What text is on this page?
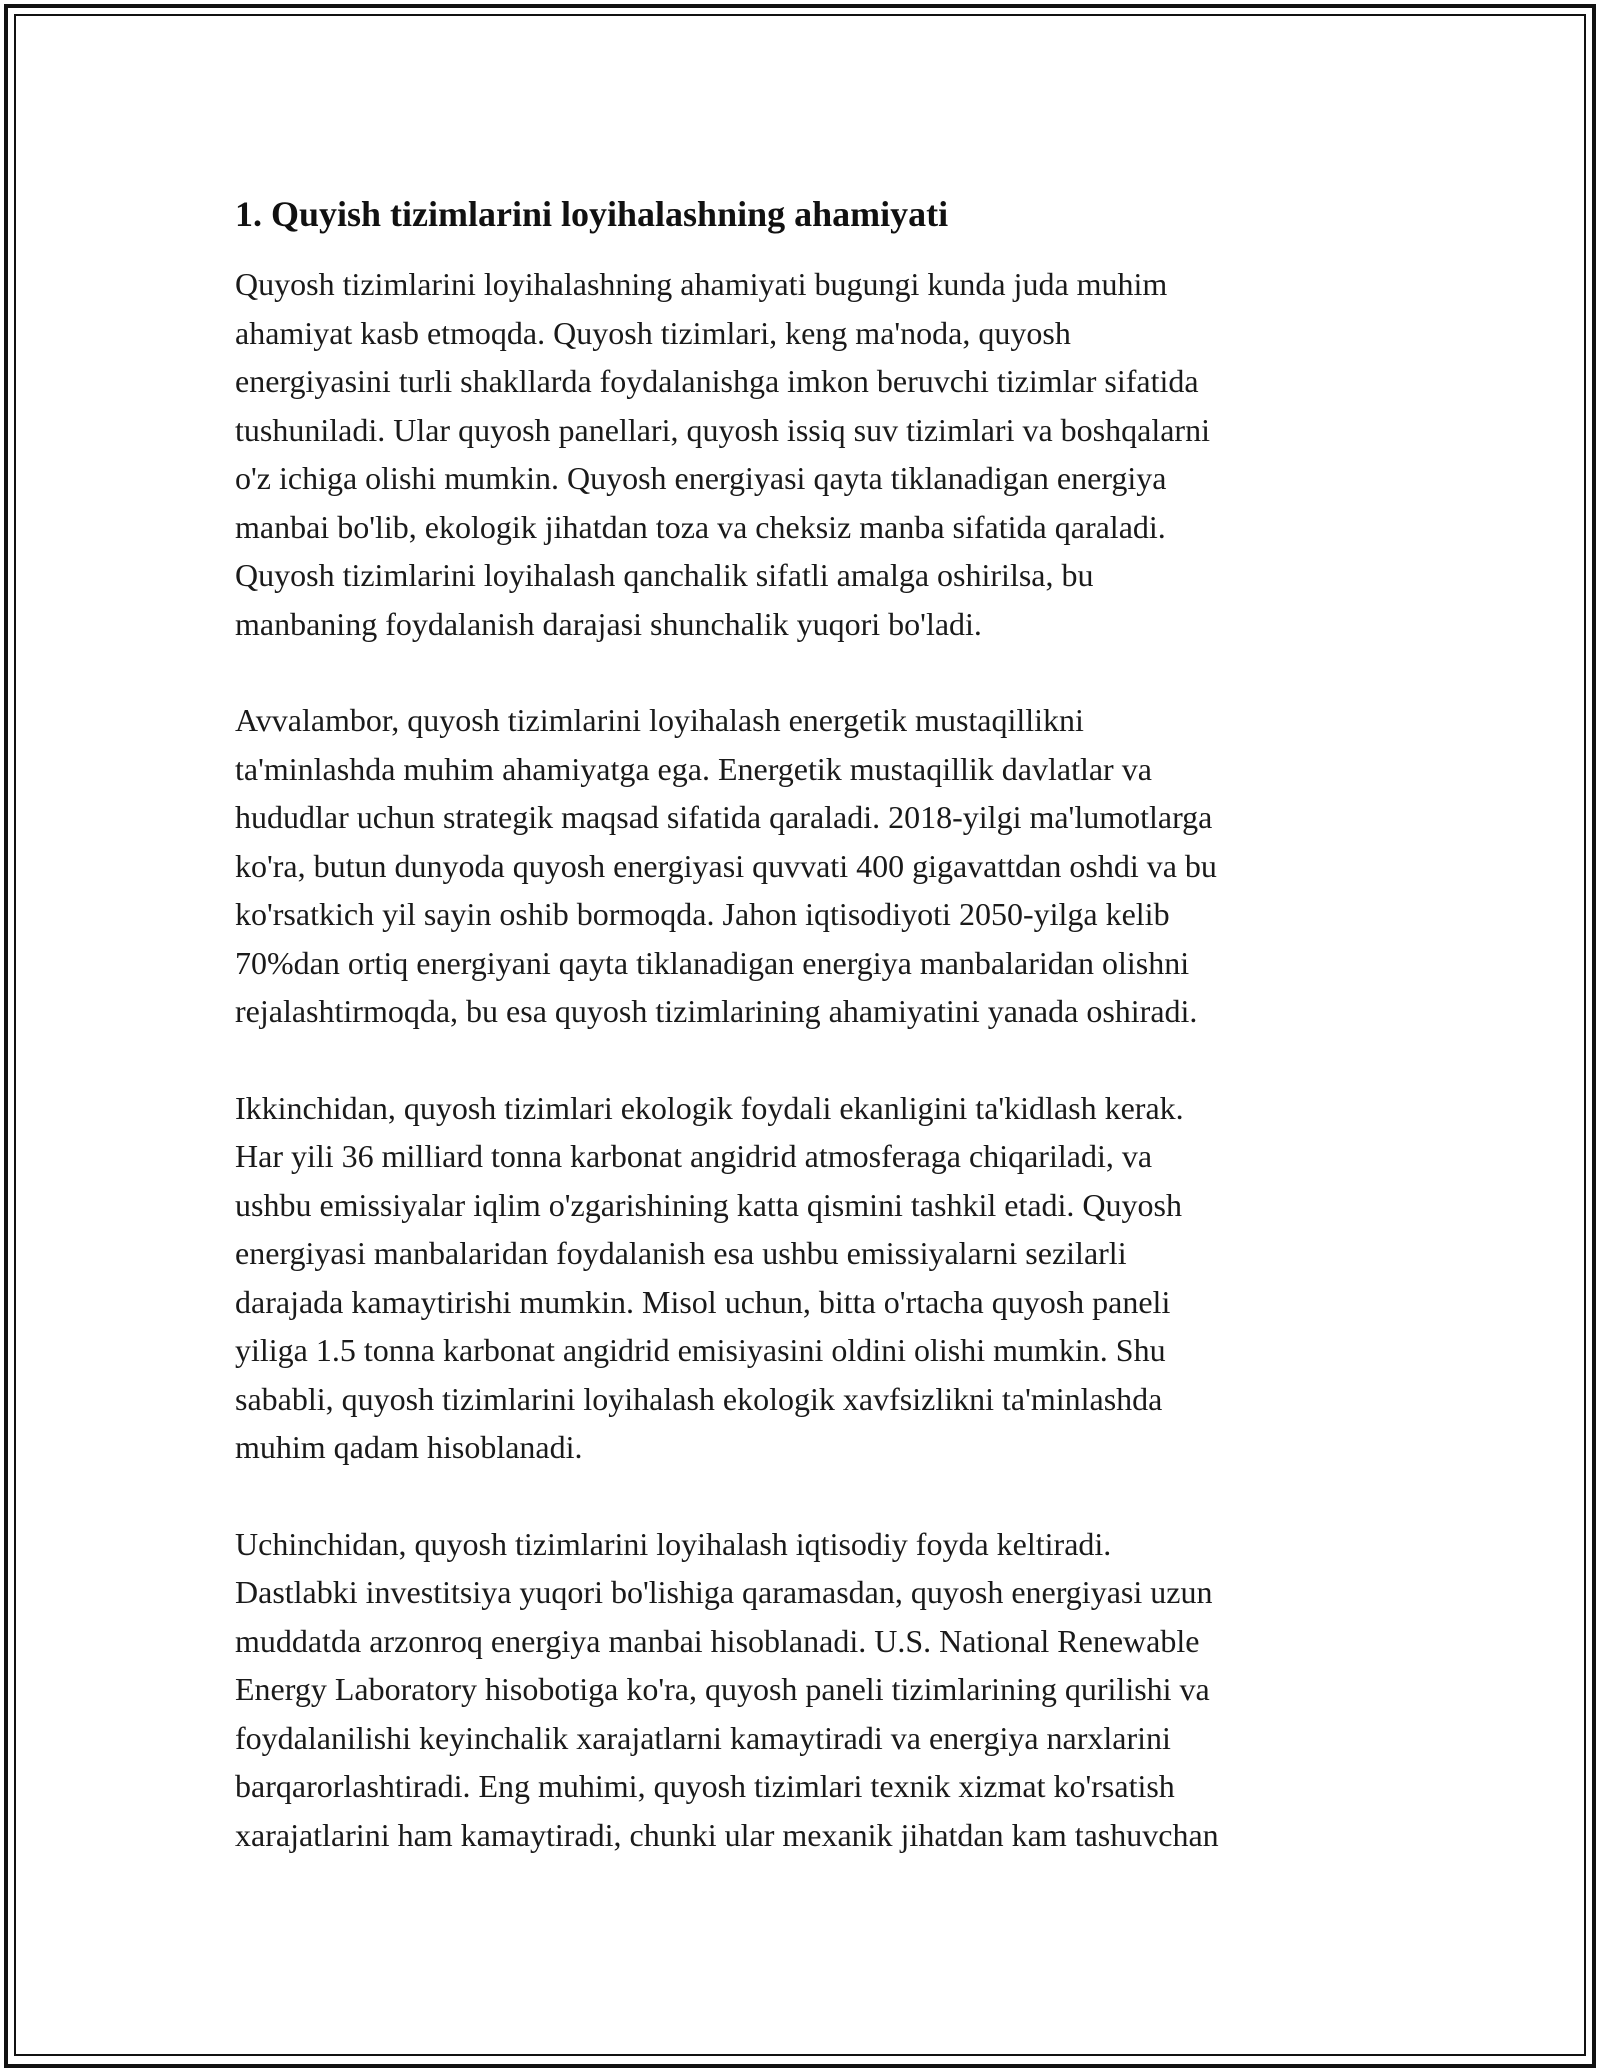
1. Quyish tizimlarini loyihalashning ahamiyati

Quyosh tizimlarini loyihalashning ahamiyati bugungi kunda juda muhim
ahamiyat kasb etmoqda. Quyosh tizimlari, keng ma'noda, quyosh
energiyasini turli shakllarda foydalanishga imkon beruvchi tizimlar sifatida
tushuniladi. Ular quyosh panellari, quyosh issiq suv tizimlari va boshqalarni
o'z ichiga olishi mumkin. Quyosh energiyasi qayta tiklanadigan energiya
manbai bo'lib, ekologik jihatdan toza va cheksiz manba sifatida qaraladi.
Quyosh tizimlarini loyihalash qanchalik sifatli amalga oshirilsa, bu
manbaning foydalanish darajasi shunchalik yuqori bo'ladi.

Avvalambor, quyosh tizimlarini loyihalash energetik mustaqillikni
ta'minlashda muhim ahamiyatga ega. Energetik mustaqillik davlatlar va
hududlar uchun strategik maqsad sifatida qaraladi. 2018-yilgi ma'lumotlarga
ko'ra, butun dunyoda quyosh energiyasi quvvati 400 gigavattdan oshdi va bu
ko'rsatkich yil sayin oshib bormoqda. Jahon iqtisodiyoti 2050-yilga kelib
70%dan ortiq energiyani qayta tiklanadigan energiya manbalaridan olishni
rejalashtirmoqda, bu esa quyosh tizimlarining ahamiyatini yanada oshiradi.

Ikkinchidan, quyosh tizimlari ekologik foydali ekanligini ta'kidlash kerak.
Har yili 36 milliard tonna karbonat angidrid atmosferaga chiqariladi, va
ushbu emissiyalar iqlim o'zgarishining katta qismini tashkil etadi. Quyosh
energiyasi manbalaridan foydalanish esa ushbu emissiyalarni sezilarli
darajada kamaytirishi mumkin. Misol uchun, bitta o'rtacha quyosh paneli
yiliga 1.5 tonna karbonat angidrid emisiyasini oldini olishi mumkin. Shu
sababli, quyosh tizimlarini loyihalash ekologik xavfsizlikni ta'minlashda
muhim qadam hisoblanadi.

Uchinchidan, quyosh tizimlarini loyihalash iqtisodiy foyda keltiradi.
Dastlabki investitsiya yuqori bo'lishiga qaramasdan, quyosh energiyasi uzun
muddatda arzonroq energiya manbai hisoblanadi. U.S. National Renewable
Energy Laboratory hisobotiga ko'ra, quyosh paneli tizimlarining qurilishi va
foydalanilishi keyinchalik xarajatlarni kamaytiradi va energiya narxlarini
barqarorlashtiradi. Eng muhimi, quyosh tizimlari texnik xizmat ko'rsatish
xarajatlarini ham kamaytiradi, chunki ular mexanik jihatdan kam tashuvchan
